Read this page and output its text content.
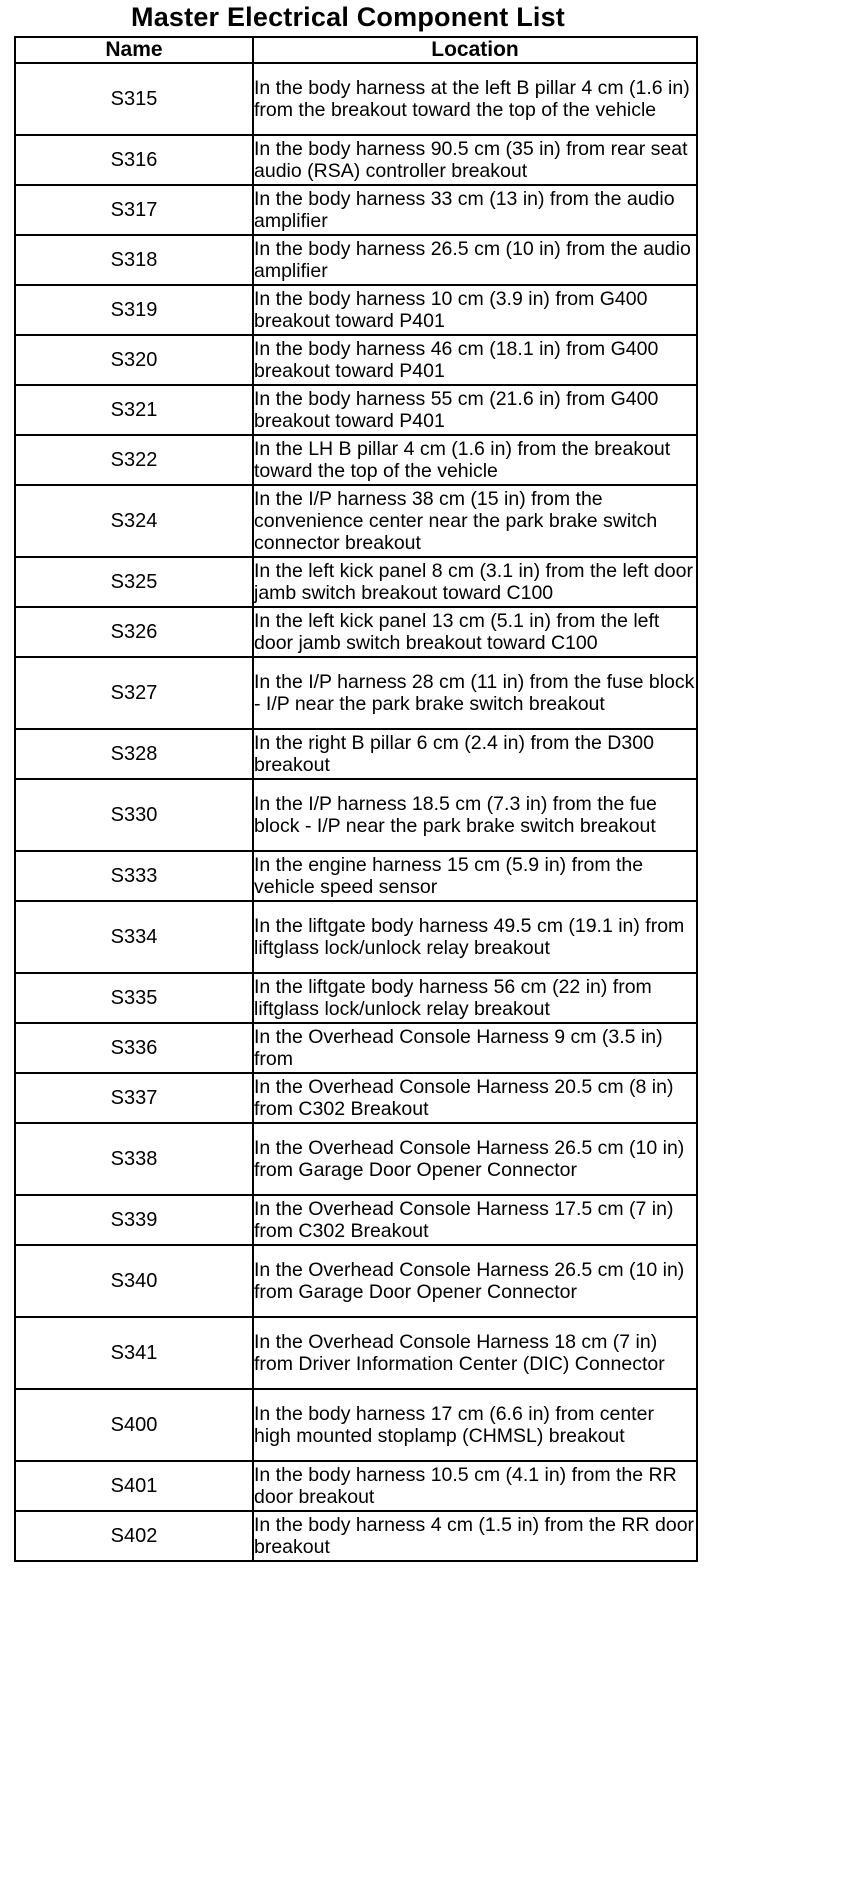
Master Electrical Component List
Name	Location
S315	In the body harness at the left B pillar 4 cm (1.6 in) from the breakout toward the top of the vehicle
S316	In the body harness 90.5 cm (35 in) from rear seat audio (RSA) controller breakout
S317	In the body harness 33 cm (13 in) from the audio amplifier
S318	In the body harness 26.5 cm (10 in) from the audio amplifier
S319	In the body harness 10 cm (3.9 in) from G400 breakout toward P401
S320	In the body harness 46 cm (18.1 in) from G400 breakout toward P401
S321	In the body harness 55 cm (21.6 in) from G400 breakout toward P401
S322	In the LH B pillar 4 cm (1.6 in) from the breakout toward the top of the vehicle
S324	In the I/P harness 38 cm (15 in) from the convenience center near the park brake switch connector breakout
S325	In the left kick panel 8 cm (3.1 in) from the left door jamb switch breakout toward C100
S326	In the left kick panel 13 cm (5.1 in) from the left door jamb switch breakout toward C100
S327	In the I/P harness 28 cm (11 in) from the fuse block - I/P near the park brake switch breakout
S328	In the right B pillar 6 cm (2.4 in) from the D300 breakout
S330	In the I/P harness 18.5 cm (7.3 in) from the fue block - I/P near the park brake switch breakout
S333	In the engine harness 15 cm (5.9 in) from the vehicle speed sensor
S334	In the liftgate body harness 49.5 cm (19.1 in) from liftglass lock/unlock relay breakout
S335	In the liftgate body harness 56 cm (22 in) from liftglass lock/unlock relay breakout
S336	In the Overhead Console Harness 9 cm (3.5 in) from
S337	In the Overhead Console Harness 20.5 cm (8 in) from C302 Breakout
S338	In the Overhead Console Harness 26.5 cm (10 in) from Garage Door Opener Connector
S339	In the Overhead Console Harness 17.5 cm (7 in) from C302 Breakout
S340	In the Overhead Console Harness 26.5 cm (10 in) from Garage Door Opener Connector
S341	In the Overhead Console Harness 18 cm (7 in) from Driver Information Center (DIC) Connector
S400	In the body harness 17 cm (6.6 in) from center high mounted stoplamp (CHMSL) breakout
S401	In the body harness 10.5 cm (4.1 in) from the RR door breakout
S402	In the body harness 4 cm (1.5 in) from the RR door breakout
